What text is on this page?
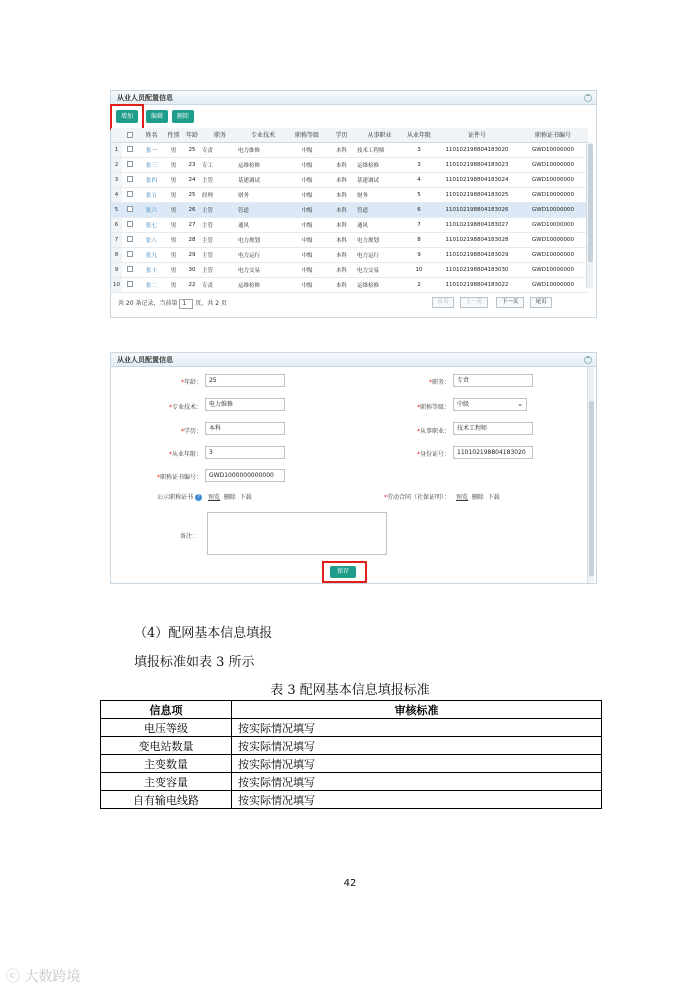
从业人员配置信息	⌃
增加	编辑	删除
		姓名	性别	年龄	职务	专业技术	职称等级	学历	从事职业	从业年限	证件号	职称证书编号
1		张一	男	25	专责	电力维修	中级	本科	技术工程师	3	110102198804183020	GWD10000000
2		张三	男	23	专工	运维检修	中级	本科	运维检修	3	110102198804183023	GWD10000000
3		张四	男	24	主管	基建调试	中级	本科	基建调试	4	110102198804183024	GWD10000000
4		张五	男	25	经理	财务	中级	本科	财务	5	110102198804183025	GWD10000000
5		张六	男	26	主管	管道	中级	本科	管道	6	110102198804183026	GWD10000000
6		张七	男	27	主管	通风	中级	本科	通风	7	110102198804183027	GWD10000000
7		张八	男	28	主管	电力规划	中级	本科	电力规划	8	110102198804183028	GWD10000000
8		张九	男	29	主管	电力运行	中级	本科	电力运行	9	110102198804183029	GWD10000000
9		张十	男	30	主管	电力交易	中级	本科	电力交易	10	110102198804183030	GWD10000000
10		张二	男	22	专责	运维检修	中级	本科	运维检修	2	110102198804183022	GWD10000000
共 20 条记录，当前第 1 页，共 2 页	首页	上一页	下一页	尾页
从业人员配置信息	⌃
*年龄：	25	*职务：	专责
*专业技术：	电力维修	*职称等级：	中级	⌄
*学历：	本科	*从事职业：	技术工程师
*从业年限：	3	*身份证号：	110102198804183020
*职称证书编号：	GWD1000000000000
公示职称证书 ?	预览 删除 下载	*劳动合同（社保证明）： 预览 删除 下载
备注：
保存
（4）配网基本信息填报
填报标准如表 3 所示
表 3 配网基本信息填报标准
信息项	审核标准
电压等级	按实际情况填写
变电站数量	按实际情况填写
主变数量	按实际情况填写
主变容量	按实际情况填写
自有输电线路	按实际情况填写
42
ⓒ 大数跨境
